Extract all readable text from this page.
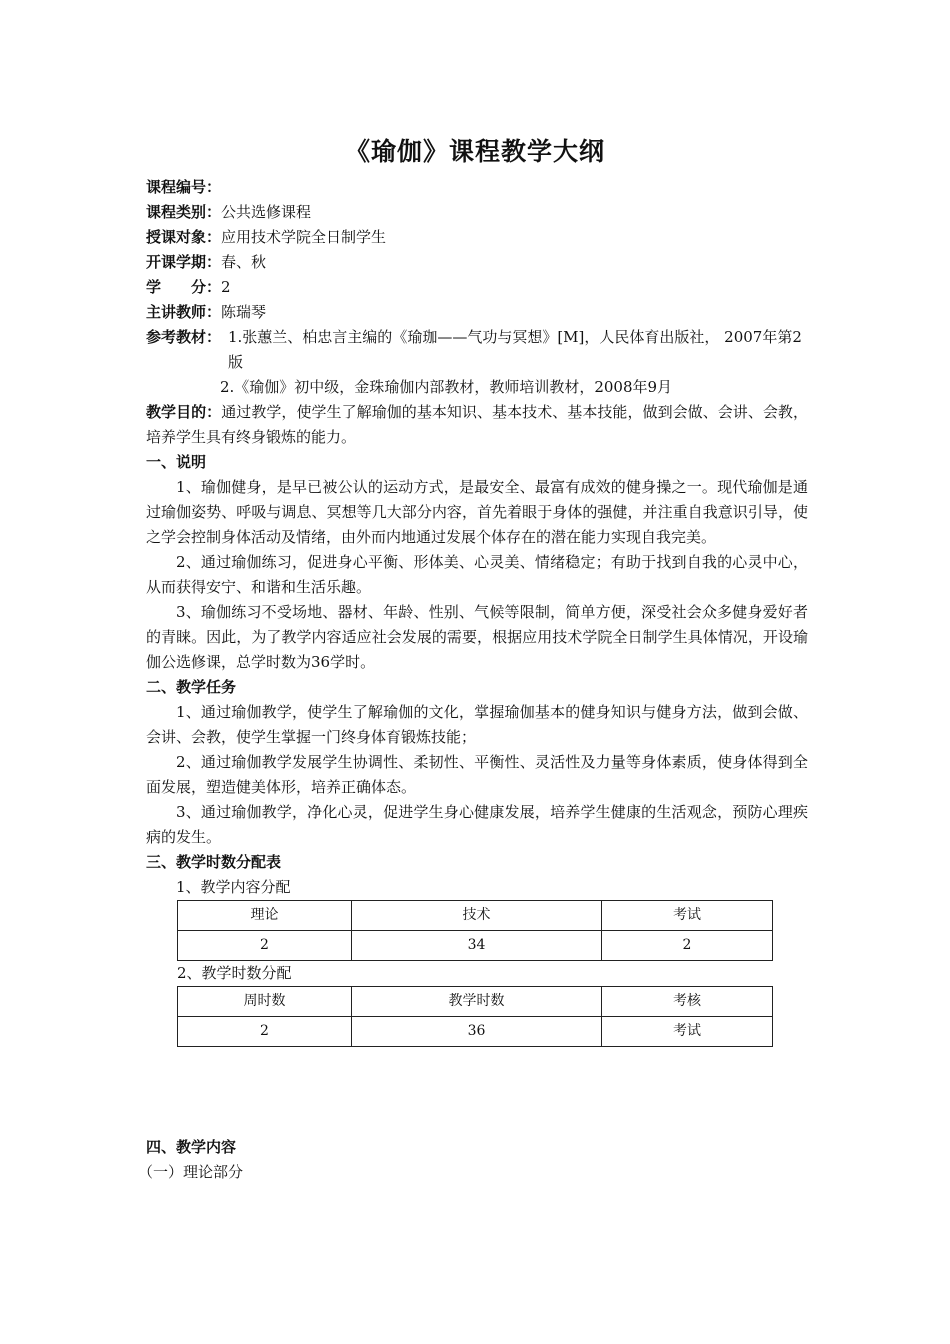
《瑜伽》课程教学大纲
课程编号：
课程类别：公共选修课程
授课对象：应用技术学院全日制学生
开课学期：春、秋
学　　分：2
主讲教师：陈瑞琴
参考教材： 1.张蕙兰、柏忠言主编的《瑜珈——气功与冥想》[M]，人民体育出版社， 2007年第2版
2.《瑜伽》初中级，金珠瑜伽内部教材，教师培训教材，2008年9月
教学目的：通过教学，使学生了解瑜伽的基本知识、基本技术、基本技能，做到会做、会讲、会教，培养学生具有终身锻炼的能力。
一、说明
1、瑜伽健身，是早已被公认的运动方式，是最安全、最富有成效的健身操之一。现代瑜伽是通过瑜伽姿势、呼吸与调息、冥想等几大部分内容，首先着眼于身体的强健，并注重自我意识引导，使之学会控制身体活动及情绪，由外而内地通过发展个体存在的潜在能力实现自我完美。
2、通过瑜伽练习，促进身心平衡、形体美、心灵美、情绪稳定；有助于找到自我的心灵中心，从而获得安宁、和谐和生活乐趣。
3、瑜伽练习不受场地、器材、年龄、性别、气候等限制，简单方便，深受社会众多健身爱好者的青睐。因此，为了教学内容适应社会发展的需要，根据应用技术学院全日制学生具体情况，开设瑜伽公选修课，总学时数为36学时。
二、教学任务
1、通过瑜伽教学，使学生了解瑜伽的文化，掌握瑜伽基本的健身知识与健身方法，做到会做、会讲、会教，使学生掌握一门终身体育锻炼技能；
2、通过瑜伽教学发展学生协调性、柔韧性、平衡性、灵活性及力量等身体素质，使身体得到全面发展，塑造健美体形，培养正确体态。
3、通过瑜伽教学，净化心灵，促进学生身心健康发展，培养学生健康的生活观念，预防心理疾病的发生。
三、教学时数分配表
1、教学内容分配
理论	技术	考试
2	34	2
2、教学时数分配
周时数	教学时数	考核
2	36	考试
四、教学内容
（一）理论部分
